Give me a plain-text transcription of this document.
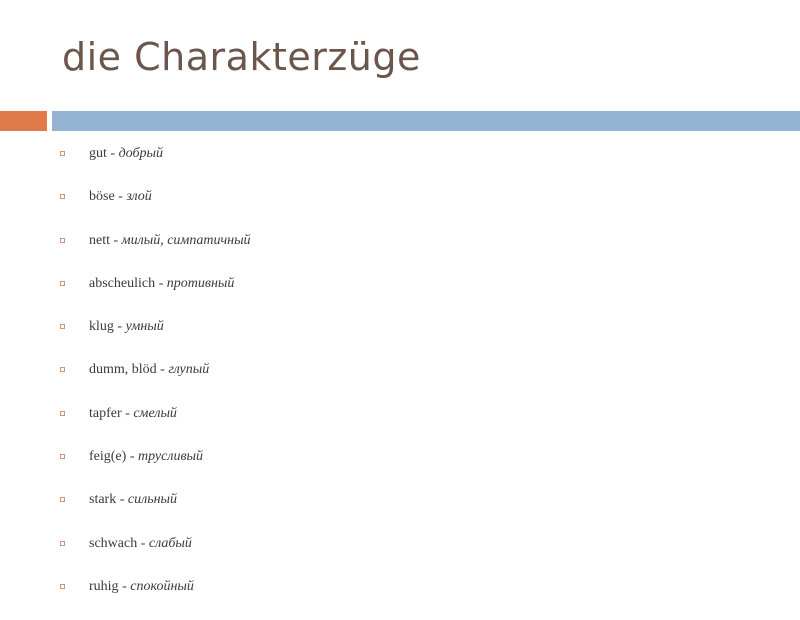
die Charakterzüge
gut - добрый
böse - злой
nett - милый, симпатичный
abscheulich - противный
klug - умный
dumm, blöd - глупый
tapfer - смелый
feig(e) - трусливый
stark - сильный
schwach - слабый
ruhig - спокойный
